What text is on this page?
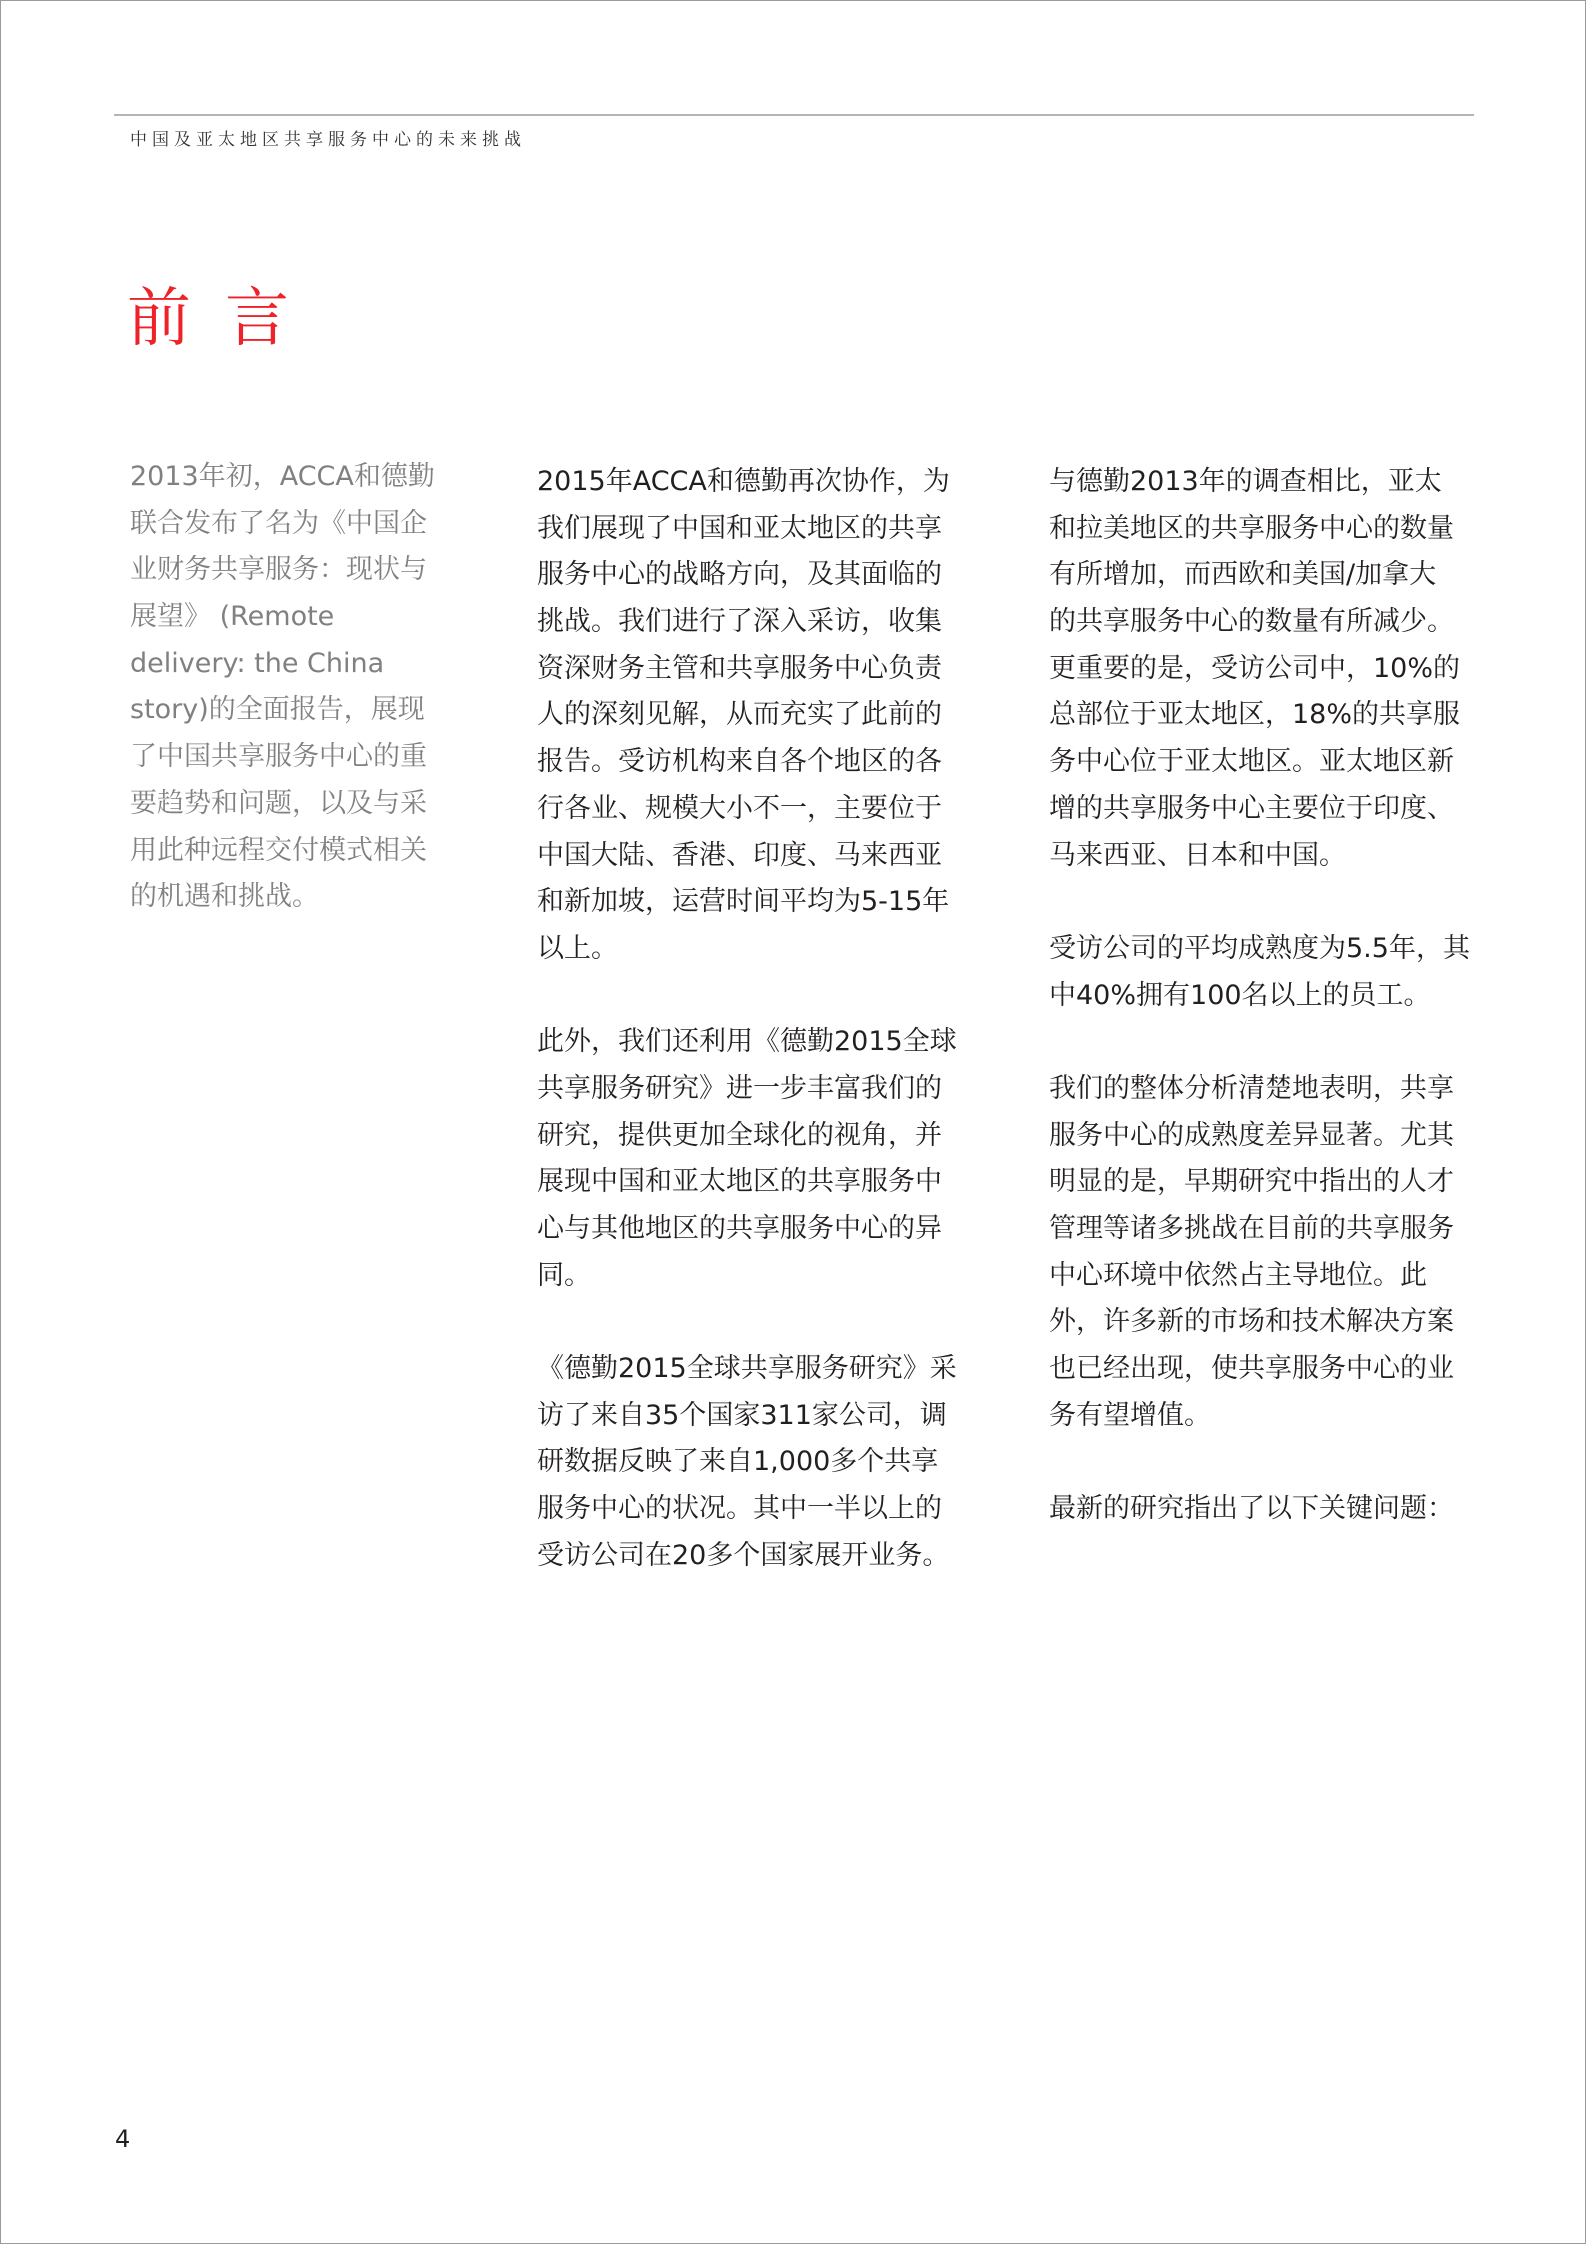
中国及亚太地区共享服务中心的未来挑战
前言
2013年初，ACCA和德勤
联合发布了名为《中国企
业财务共享服务：现状与
展望》 (Remote
delivery: the China
story)的全面报告，展现
了中国共享服务中心的重
要趋势和问题，以及与采
用此种远程交付模式相关
的机遇和挑战。
2015年ACCA和德勤再次协作，为
我们展现了中国和亚太地区的共享
服务中心的战略方向，及其面临的
挑战。我们进行了深入采访，收集
资深财务主管和共享服务中心负责
人的深刻见解，从而充实了此前的
报告。受访机构来自各个地区的各
行各业、规模大小不一，主要位于
中国大陆、香港、印度、马来西亚
和新加坡，运营时间平均为5-15年
以上。
此外，我们还利用《德勤2015全球
共享服务研究》进一步丰富我们的
研究，提供更加全球化的视角，并
展现中国和亚太地区的共享服务中
心与其他地区的共享服务中心的异
同。
《德勤2015全球共享服务研究》采
访了来自35个国家311家公司，调
研数据反映了来自1,000多个共享
服务中心的状况。其中一半以上的
受访公司在20多个国家展开业务。
与德勤2013年的调查相比，亚太
和拉美地区的共享服务中心的数量
有所增加，而西欧和美国/加拿大
的共享服务中心的数量有所减少。
更重要的是，受访公司中，10%的
总部位于亚太地区，18%的共享服
务中心位于亚太地区。亚太地区新
增的共享服务中心主要位于印度、
马来西亚、日本和中国。
受访公司的平均成熟度为5.5年，其
中40%拥有100名以上的员工。
我们的整体分析清楚地表明，共享
服务中心的成熟度差异显著。尤其
明显的是，早期研究中指出的人才
管理等诸多挑战在目前的共享服务
中心环境中依然占主导地位。此
外，许多新的市场和技术解决方案
也已经出现，使共享服务中心的业
务有望增值。
最新的研究指出了以下关键问题：
4
